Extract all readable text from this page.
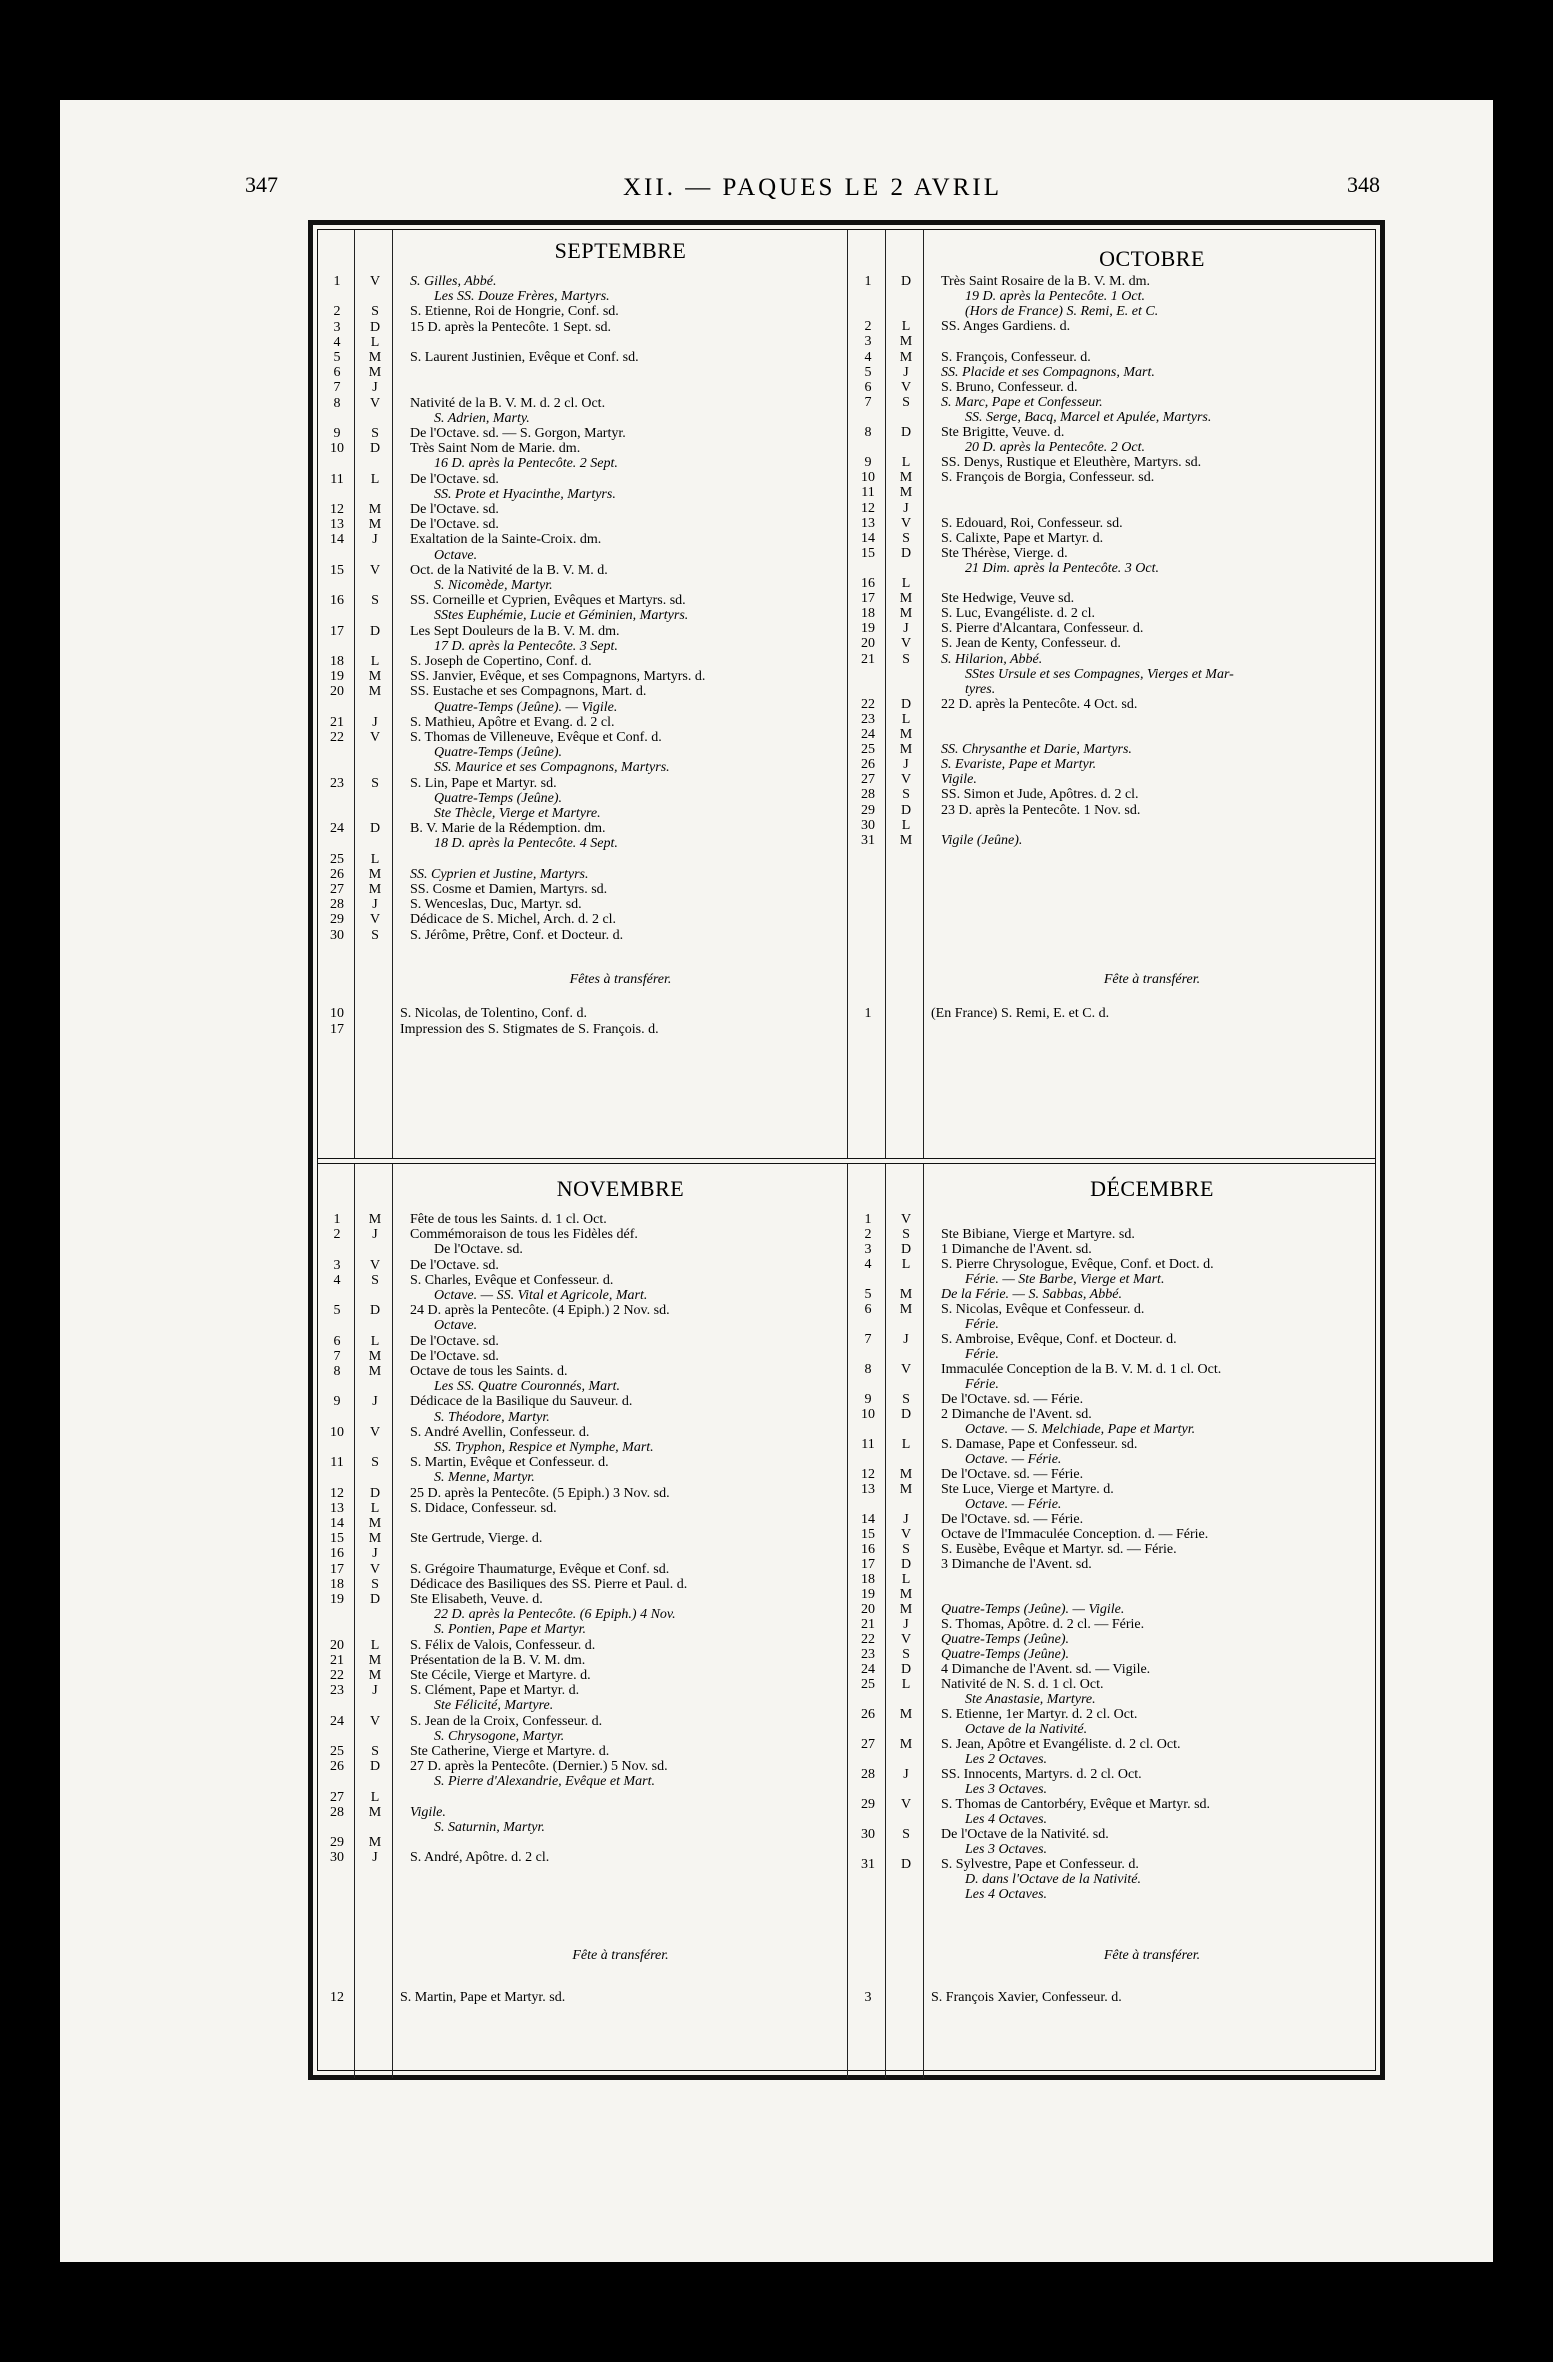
347	XII. — PAQUES LE 2 AVRIL	348
SEPTEMBRE
1	V	S. Gilles, Abbé.
Les SS. Douze Frères, Martyrs.
2	S	S. Etienne, Roi de Hongrie, Conf. sd.
3	D	15 D. après la Pentecôte. 1 Sept. sd.
4	L
5	M	S. Laurent Justinien, Evêque et Conf. sd.
6	M
7	J
8	V	Nativité de la B. V. M. d. 2 cl. Oct.
S. Adrien, Marty.
9	S	De l'Octave. sd. — S. Gorgon, Martyr.
10	D	Très Saint Nom de Marie. dm.
16 D. après la Pentecôte. 2 Sept.
11	L	De l'Octave. sd.
SS. Prote et Hyacinthe, Martyrs.
12	M	De l'Octave. sd.
13	M	De l'Octave. sd.
14	J	Exaltation de la Sainte-Croix. dm.
Octave.
15	V	Oct. de la Nativité de la B. V. M. d.
S. Nicomède, Martyr.
16	S	SS. Corneille et Cyprien, Evêques et Martyrs. sd.
SStes Euphémie, Lucie et Géminien, Martyrs.
17	D	Les Sept Douleurs de la B. V. M. dm.
17 D. après la Pentecôte. 3 Sept.
18	L	S. Joseph de Copertino, Conf. d.
19	M	SS. Janvier, Evêque, et ses Compagnons, Martyrs. d.
20	M	SS. Eustache et ses Compagnons, Mart. d.
Quatre-Temps (Jeûne). — Vigile.
21	J	S. Mathieu, Apôtre et Evang. d. 2 cl.
22	V	S. Thomas de Villeneuve, Evêque et Conf. d.
Quatre-Temps (Jeûne).
SS. Maurice et ses Compagnons, Martyrs.
23	S	S. Lin, Pape et Martyr. sd.
Quatre-Temps (Jeûne).
Ste Thècle, Vierge et Martyre.
24	D	B. V. Marie de la Rédemption. dm.
18 D. après la Pentecôte. 4 Sept.
25	L
26	M	SS. Cyprien et Justine, Martyrs.
27	M	SS. Cosme et Damien, Martyrs. sd.
28	J	S. Wenceslas, Duc, Martyr. sd.
29	V	Dédicace de S. Michel, Arch. d. 2 cl.
30	S	S. Jérôme, Prêtre, Conf. et Docteur. d.
Fêtes à transférer.
10	S. Nicolas, de Tolentino, Conf. d.
17	Impression des S. Stigmates de S. François. d.
OCTOBRE
1	D	Très Saint Rosaire de la B. V. M. dm.
19 D. après la Pentecôte. 1 Oct.
(Hors de France) S. Remi, E. et C.
2	L	SS. Anges Gardiens. d.
3	M
4	M	S. François, Confesseur. d.
5	J	SS. Placide et ses Compagnons, Mart.
6	V	S. Bruno, Confesseur. d.
7	S	S. Marc, Pape et Confesseur.
SS. Serge, Bacq, Marcel et Apulée, Martyrs.
8	D	Ste Brigitte, Veuve. d.
20 D. après la Pentecôte. 2 Oct.
9	L	SS. Denys, Rustique et Eleuthère, Martyrs. sd.
10	M	S. François de Borgia, Confesseur. sd.
11	M
12	J
13	V	S. Edouard, Roi, Confesseur. sd.
14	S	S. Calixte, Pape et Martyr. d.
15	D	Ste Thérèse, Vierge. d.
21 Dim. après la Pentecôte. 3 Oct.
16	L
17	M	Ste Hedwige, Veuve sd.
18	M	S. Luc, Evangéliste. d. 2 cl.
19	J	S. Pierre d'Alcantara, Confesseur. d.
20	V	S. Jean de Kenty, Confesseur. d.
21	S	S. Hilarion, Abbé.
SStes Ursule et ses Compagnes, Vierges et Mar-
tyres.
22	D	22 D. après la Pentecôte. 4 Oct. sd.
23	L
24	M
25	M	SS. Chrysanthe et Darie, Martyrs.
26	J	S. Evariste, Pape et Martyr.
27	V	Vigile.
28	S	SS. Simon et Jude, Apôtres. d. 2 cl.
29	D	23 D. après la Pentecôte. 1 Nov. sd.
30	L
31	M	Vigile (Jeûne).
Fête à transférer.
1	(En France) S. Remi, E. et C. d.
NOVEMBRE
1	M	Fête de tous les Saints. d. 1 cl. Oct.
2	J	Commémoraison de tous les Fidèles déf.
De l'Octave. sd.
3	V	De l'Octave. sd.
4	S	S. Charles, Evêque et Confesseur. d.
Octave. — SS. Vital et Agricole, Mart.
5	D	24 D. après la Pentecôte. (4 Epiph.) 2 Nov. sd.
Octave.
6	L	De l'Octave. sd.
7	M	De l'Octave. sd.
8	M	Octave de tous les Saints. d.
Les SS. Quatre Couronnés, Mart.
9	J	Dédicace de la Basilique du Sauveur. d.
S. Théodore, Martyr.
10	V	S. André Avellin, Confesseur. d.
SS. Tryphon, Respice et Nymphe, Mart.
11	S	S. Martin, Evêque et Confesseur. d.
S. Menne, Martyr.
12	D	25 D. après la Pentecôte. (5 Epiph.) 3 Nov. sd.
13	L	S. Didace, Confesseur. sd.
14	M
15	M	Ste Gertrude, Vierge. d.
16	J
17	V	S. Grégoire Thaumaturge, Evêque et Conf. sd.
18	S	Dédicace des Basiliques des SS. Pierre et Paul. d.
19	D	Ste Elisabeth, Veuve. d.
22 D. après la Pentecôte. (6 Epiph.) 4 Nov.
S. Pontien, Pape et Martyr.
20	L	S. Félix de Valois, Confesseur. d.
21	M	Présentation de la B. V. M. dm.
22	M	Ste Cécile, Vierge et Martyre. d.
23	J	S. Clément, Pape et Martyr. d.
Ste Félicité, Martyre.
24	V	S. Jean de la Croix, Confesseur. d.
S. Chrysogone, Martyr.
25	S	Ste Catherine, Vierge et Martyre. d.
26	D	27 D. après la Pentecôte. (Dernier.) 5 Nov. sd.
S. Pierre d'Alexandrie, Evêque et Mart.
27	L
28	M	Vigile.
S. Saturnin, Martyr.
29	M
30	J	S. André, Apôtre. d. 2 cl.
Fête à transférer.
12	S. Martin, Pape et Martyr. sd.
DÉCEMBRE
1	V
2	S	Ste Bibiane, Vierge et Martyre. sd.
3	D	1 Dimanche de l'Avent. sd.
4	L	S. Pierre Chrysologue, Evêque, Conf. et Doct. d.
Férie. — Ste Barbe, Vierge et Mart.
5	M	De la Férie. — S. Sabbas, Abbé.
6	M	S. Nicolas, Evêque et Confesseur. d.
Férie.
7	J	S. Ambroise, Evêque, Conf. et Docteur. d.
Férie.
8	V	Immaculée Conception de la B. V. M. d. 1 cl. Oct.
Férie.
9	S	De l'Octave. sd. — Férie.
10	D	2 Dimanche de l'Avent. sd.
Octave. — S. Melchiade, Pape et Martyr.
11	L	S. Damase, Pape et Confesseur. sd.
Octave. — Férie.
12	M	De l'Octave. sd. — Férie.
13	M	Ste Luce, Vierge et Martyre. d.
Octave. — Férie.
14	J	De l'Octave. sd. — Férie.
15	V	Octave de l'Immaculée Conception. d. — Férie.
16	S	S. Eusèbe, Evêque et Martyr. sd. — Férie.
17	D	3 Dimanche de l'Avent. sd.
18	L
19	M
20	M	Quatre-Temps (Jeûne). — Vigile.
21	J	S. Thomas, Apôtre. d. 2 cl. — Férie.
22	V	Quatre-Temps (Jeûne).
23	S	Quatre-Temps (Jeûne).
24	D	4 Dimanche de l'Avent. sd. — Vigile.
25	L	Nativité de N. S. d. 1 cl. Oct.
Ste Anastasie, Martyre.
26	M	S. Etienne, 1er Martyr. d. 2 cl. Oct.
Octave de la Nativité.
27	M	S. Jean, Apôtre et Evangéliste. d. 2 cl. Oct.
Les 2 Octaves.
28	J	SS. Innocents, Martyrs. d. 2 cl. Oct.
Les 3 Octaves.
29	V	S. Thomas de Cantorbéry, Evêque et Martyr. sd.
Les 4 Octaves.
30	S	De l'Octave de la Nativité. sd.
Les 3 Octaves.
31	D	S. Sylvestre, Pape et Confesseur. d.
D. dans l'Octave de la Nativité.
Les 4 Octaves.
Fête à transférer.
3	S. François Xavier, Confesseur. d.
